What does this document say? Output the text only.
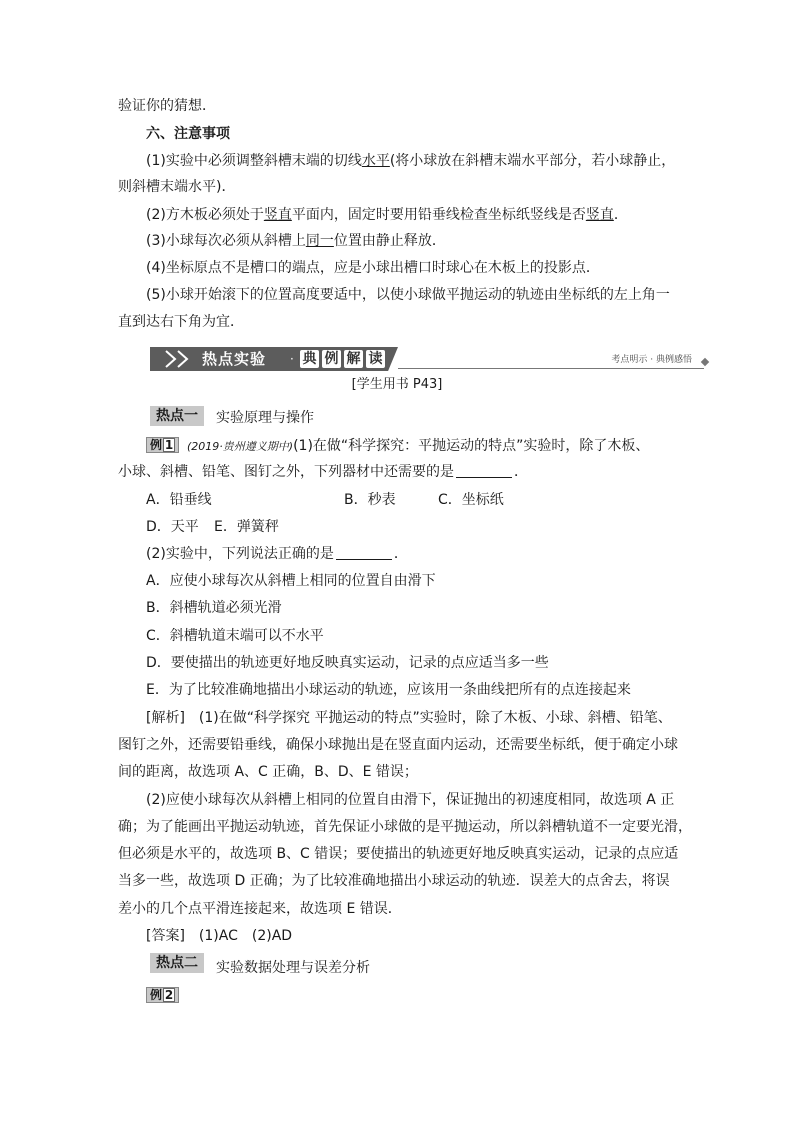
验证你的猜想．
六、注意事项
(1)实验中必须调整斜槽末端的切线水平(将小球放在斜槽末端水平部分，若小球静止，
则斜槽末端水平)．
(2)方木板必须处于竖直平面内，固定时要用铅垂线检查坐标纸竖线是否竖直．
(3)小球每次必须从斜槽上同一位置由静止释放．
(4)坐标原点不是槽口的端点，应是小球出槽口时球心在木板上的投影点．
(5)小球开始滚下的位置高度要适中，以使小球做平抛运动的轨迹由坐标纸的左上角一
直到达右下角为宜．
热点实验 · 典 例 解 读	考点明示 · 典例感悟
[学生用书 P43]
热点一	实验原理与操作
例 1 (2019·贵州遵义期中)(1)在做“科学探究：平抛运动的特点”实验时，除了木板、
小球、斜槽、铅笔、图钉之外，下列器材中还需要的是	．
A．铅垂线	B．秒表	C．坐标纸
D．天平 E．弹簧秤
(2)实验中，下列说法正确的是	．
A．应使小球每次从斜槽上相同的位置自由滑下
B．斜槽轨道必须光滑
C．斜槽轨道末端可以不水平
D．要使描出的轨迹更好地反映真实运动，记录的点应适当多一些
E．为了比较准确地描出小球运动的轨迹，应该用一条曲线把所有的点连接起来
[解析]　(1)在做“科学探究 平抛运动的特点”实验时，除了木板、小球、斜槽、铅笔、
图钉之外，还需要铅垂线，确保小球抛出是在竖直面内运动，还需要坐标纸，便于确定小球
间的距离，故选项 A、C 正确，B、D、E 错误；
(2)应使小球每次从斜槽上相同的位置自由滑下，保证抛出的初速度相同，故选项 A 正
确；为了能画出平抛运动轨迹，首先保证小球做的是平抛运动，所以斜槽轨道不一定要光滑，
但必须是水平的，故选项 B、C 错误；要使描出的轨迹更好地反映真实运动，记录的点应适
当多一些，故选项 D 正确；为了比较准确地描出小球运动的轨迹．误差大的点舍去，将误
差小的几个点平滑连接起来，故选项 E 错误．
[答案]　(1)AC　(2)AD
热点二	实验数据处理与误差分析
例 2
